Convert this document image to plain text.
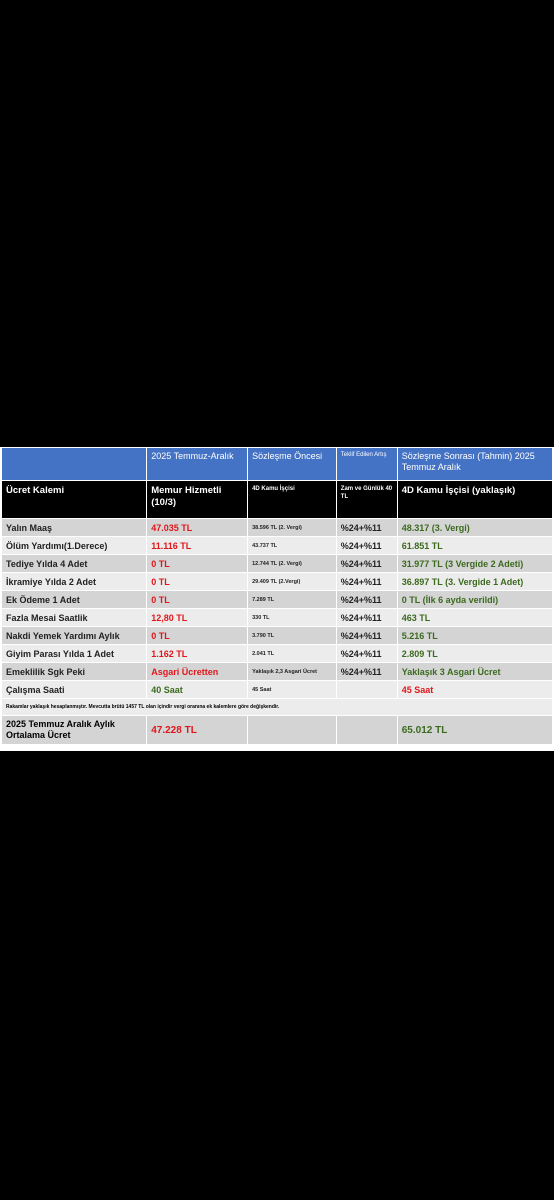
	2025 Temmuz-Aralık	Sözleşme Öncesi	Teklif Edilen Artış	Sözleşme Sonrası (Tahmin) 2025 Temmuz Aralık
Ücret Kalemi	Memur Hizmetli (10/3)	4D Kamu İşçisi	Zam ve Günlük 40 TL	4D Kamu İşçisi (yaklaşık)
Yalın Maaş	47.035 TL	38.596 TL (2. Vergi)	%24+%11	48.317 (3. Vergi)
Ölüm Yardımı(1.Derece)	11.116 TL	43.737 TL	%24+%11	61.851 TL
Tediye Yılda 4 Adet	0 TL	12.744 TL (2. Vergi)	%24+%11	31.977 TL (3 Vergide 2 Adeti)
İkramiye Yılda 2 Adet	0 TL	29.409 TL (2.Vergi)	%24+%11	36.897 TL (3. Vergide 1 Adet)
Ek Ödeme 1 Adet	0 TL	7.289 TL	%24+%11	0 TL (İlk 6 ayda verildi)
Fazla Mesai Saatlik	12,80 TL	330 TL	%24+%11	463 TL
Nakdi Yemek Yardımı Aylık	0 TL	3.790 TL	%24+%11	5.216 TL
Giyim Parası Yılda 1 Adet	1.162 TL	2.041 TL	%24+%11	2.809 TL
Emeklilik Sgk Peki	Asgari Ücretten	Yaklaşık 2,3 Asgari Ücret	%24+%11	Yaklaşık 3 Asgari Ücret
Çalışma Saati	40 Saat	45 Saat		45 Saat
Rakamlar yaklaşık hesaplanmıştır. Mevcutta brütü 1457 TL olan içindir vergi oranına ek kalemlere göre değişkendir.				
2025 Temmuz Aralık Aylık Ortalama Ücret	47.228 TL			65.012 TL
